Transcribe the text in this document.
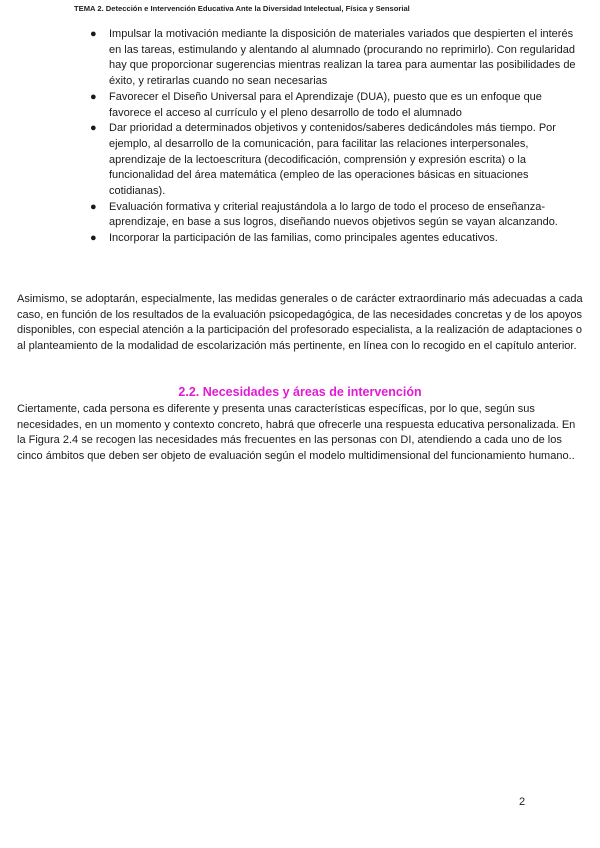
TEMA 2. Detección e Intervención Educativa Ante la Diversidad Intelectual, Física y Sensorial
● Impulsar la motivación mediante la disposición de materiales variados que despierten el interés en las tareas, estimulando y alentando al alumnado (procurando no reprimirlo). Con regularidad hay que proporcionar sugerencias mientras realizan la tarea para aumentar las posibilidades de éxito, y retirarlas cuando no sean necesarias
● Favorecer el Diseño Universal para el Aprendizaje (DUA), puesto que es un enfoque que favorece el acceso al currículo y el pleno desarrollo de todo el alumnado
● Dar prioridad a determinados objetivos y contenidos/saberes dedicándoles más tiempo. Por ejemplo, al desarrollo de la comunicación, para facilitar las relaciones interpersonales, aprendizaje de la lectoescritura (decodificación, comprensión y expresión escrita) o la funcionalidad del área matemática (empleo de las operaciones básicas en situaciones cotidianas).
● Evaluación formativa y criterial reajustándola a lo largo de todo el proceso de enseñanza-aprendizaje, en base a sus logros, diseñando nuevos objetivos según se vayan alcanzando.
● Incorporar la participación de las familias, como principales agentes educativos.

Asimismo, se adoptarán, especialmente, las medidas generales o de carácter extraordinario más adecuadas a cada caso, en función de los resultados de la evaluación psicopedagógica, de las necesidades concretas y de los apoyos disponibles, con especial atención a la participación del profesorado especialista, a la realización de adaptaciones o al planteamiento de la modalidad de escolarización más pertinente, en línea con lo recogido en el capítulo anterior.

2.2. Necesidades y áreas de intervención

Ciertamente, cada persona es diferente y presenta unas características específicas, por lo que, según sus necesidades, en un momento y contexto concreto, habrá que ofrecerle una respuesta educativa personalizada. En la Figura 2.4 se recogen las necesidades más frecuentes en las personas con DI, atendiendo a cada uno de los cinco ámbitos que deben ser objeto de evaluación según el modelo multidimensional del funcionamiento humano..

2
